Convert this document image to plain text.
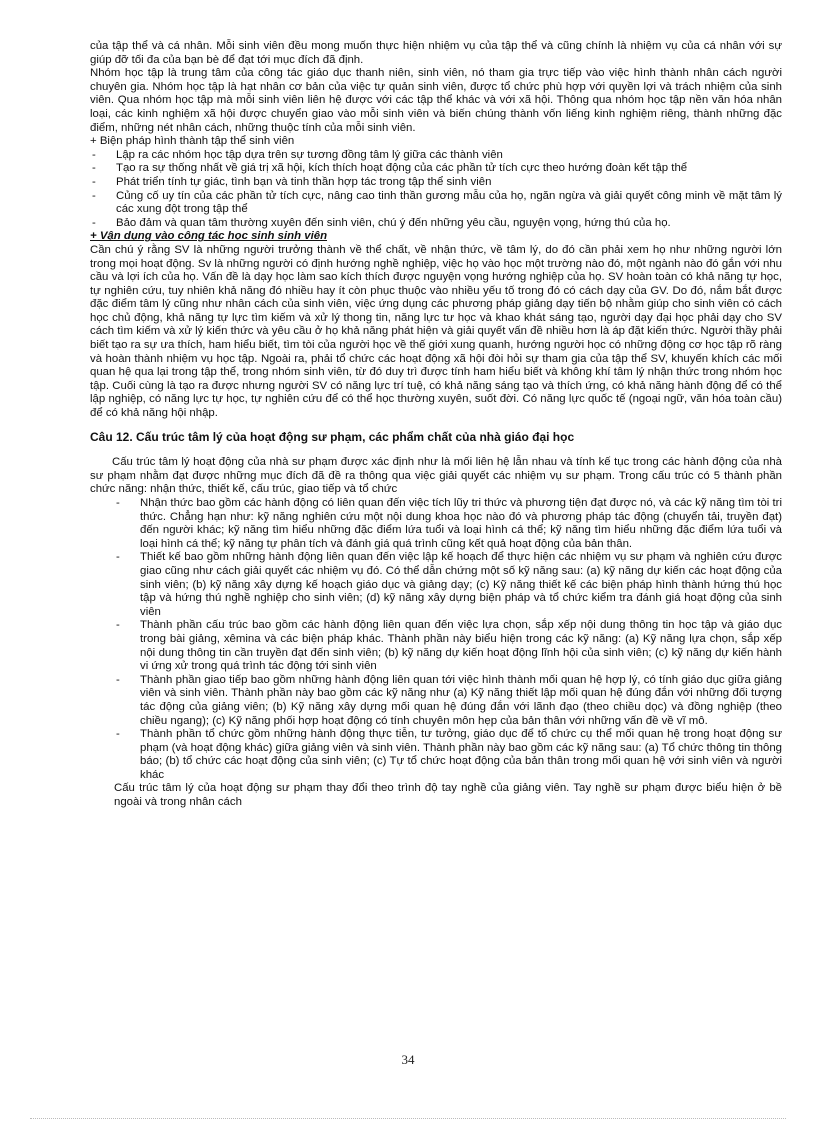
của tập thể và cá nhân. Mỗi sinh viên đều mong muốn thực hiện nhiệm vụ của tập thể và cũng chính là nhiệm vụ của cá nhân với sự giúp đỡ tối đa của bạn bè để đạt tới mục đích đã định.

Nhóm học tập là trung tâm của công tác giáo dục thanh niên, sinh viên, nó tham gia trực tiếp vào việc hình thành nhân cách người chuyên gia. Nhóm học tập là hạt nhân cơ bản của việc tự quản sinh viên, được tổ chức phù hợp với quyền lợi và trách nhiệm của sinh viên. Qua nhóm học tập mà mỗi sinh viên liên hệ được với các tập thể khác và với xã hội. Thông qua nhóm học tập nền văn hóa nhân loại, các kinh nghiệm xã hội được chuyển giao vào mỗi sinh viên và biến chúng thành vốn liếng kinh nghiệm riêng, thành những đặc điểm, những nét nhân cách, những thuộc tính của mỗi sinh viên.

+ Biện pháp hình thành tập thể sinh viên

- Lập ra các nhóm học tập dựa trên sự tương đồng tâm lý giữa các thành viên
- Tạo ra sự thống nhất về giá trị xã hội, kích thích hoạt động của các phần tử tích cực theo hướng đoàn kết tập thể
- Phát triển tính tự giác, tình bạn và tinh thần hợp tác trong tập thể sinh viên
- Củng cố uy tín của các phần tử tích cực, nâng cao tinh thần gương mẫu của họ, ngăn ngừa và giải quyết công minh về mặt tâm lý các xung đột trong tập thể
- Bảo đảm và quan tâm thường xuyên đến sinh viên, chú ý đến những yêu cầu, nguyện vọng, hứng thú của họ.

+ Vận dụng vào công tác học sinh sinh viên

Cần chú ý rằng SV là những người trưởng thành về thể chất, về nhận thức, về tâm lý, do đó cần phải xem họ như những người lớn trong mọi hoạt động. Sv là những người có định hướng nghề nghiệp, việc họ vào học một trường nào đó, một ngành nào đó gắn với nhu cầu và lợi ích của họ. Vấn đề là dạy học làm sao kích thích được nguyện vọng hướng nghiệp của họ. SV hoàn toàn có khả năng tự học, tự nghiên cứu, tuy nhiên khả năng đó nhiều hay ít còn phục thuộc vào nhiều yếu tố trong đó có cách dạy của GV. Do đó, nắm bắt được đặc điểm tâm lý cũng như nhân cách của sinh viên, việc ứng dụng các phương pháp giảng dạy tiến bộ nhằm giúp cho sinh viên có cách học chủ động, khả năng tự lực tìm kiếm và xử lý thong tin, năng lực tư học và khao khát sáng tạo, người dạy đại học phải dạy cho SV cách tìm kiếm và xử lý kiến thức và yêu cầu ở họ khả năng phát hiện và giải quyết vấn đề nhiều hơn là áp đặt kiến thức. Người thầy phải biết tạo ra sự ưa thích, ham hiểu biết, tìm tòi của người học về thế giới xung quanh, hướng người học có những động cơ học tập rõ ràng và hoàn thành nhiệm vụ học tập. Ngoài ra, phải tổ chức các hoạt động xã hội đòi hỏi sự tham gia của tập thể SV, khuyến khích các mối quan hệ qua lại trong tập thể, trong nhóm sinh viên, từ đó duy trì được tính ham hiểu biết và không khí tâm lý nhận thức trong nhóm học tập. Cuối cùng là tạo ra được nhưng người SV có năng lực trí tuệ, có khả năng sáng tạo và thích ứng, có khả năng hành động để có thể lập nghiệp, có năng lực tự học, tự nghiên cứu để có thể học thường xuyên, suốt đời. Có năng lực quốc tế (ngoại ngữ, văn hóa toàn cầu) để có khả năng hội nhập.

Câu 12. Cấu trúc tâm lý của hoạt động sư phạm, các phẩm chất của nhà giáo đại học

Cấu trúc tâm lý hoạt động của nhà sư phạm được xác định như là mối liên hệ lẫn nhau và tính kế tục trong các hành động của nhà sư phạm nhằm đạt được những mục đích đã đề ra thông qua việc giải quyết các nhiệm vụ sư phạm. Trong cấu trúc có 5 thành phần chức năng: nhận thức, thiết kế, cấu trúc, giao tiếp và tổ chức

- Nhận thức bao gồm các hành động có liên quan đến việc tích lũy tri thức và phương tiện đạt được nó, và các kỹ năng tìm tòi tri thức. Chẳng hạn như: kỹ năng nghiên cứu một nội dung khoa học nào đó và phương pháp tác động (chuyển tải, truyền đạt) đến người khác; kỹ năng tìm hiểu những đặc điểm lứa tuổi và loại hình cá thể; kỹ năng tìm hiểu những đặc điểm lứa tuổi và loại hình cá thể; kỹ năng tự phân tích và đánh giá quá trình cũng kết quả hoạt động của bản thân.
- Thiết kế bao gồm những hành động liên quan đến việc lập kế hoạch để thực hiện các nhiệm vụ sư phạm và nghiên cứu được giao cũng như cách giải quyết các nhiệm vụ đó. Có thể dẫn chứng một số kỹ năng sau: (a) kỹ năng dự kiến các hoạt động của sinh viên; (b) kỹ năng xây dựng kế hoạch giáo dục và giảng dạy; (c) Kỹ năng thiết kế các biện pháp hình thành hứng thú học tập và hứng thú nghề nghiệp cho sinh viên; (d) kỹ năng xây dựng biện pháp và tổ chức kiểm tra đánh giá hoạt động của sinh viên
- Thành phần cấu trúc bao gồm các hành động liên quan đến việc lựa chọn, sắp xếp nội dung thông tin học tập và giáo dục trong bài giảng, xêmina và các biện pháp khác. Thành phần này biểu hiện trong các kỹ năng: (a) Kỹ năng lựa chọn, sắp xếp nội dung thông tin cần truyền đạt đến sinh viên; (b) kỹ năng dự kiến hoạt động lĩnh hội của sinh viên; (c) kỹ năng dự kiến hành vi ứng xử trong quá trình tác động tới sinh viên
- Thành phần giao tiếp bao gồm những hành động liên quan tới việc hình thành mối quan hệ hợp lý, có tính giáo dục giữa giảng viên và sinh viên. Thành phần này bao gồm các kỹ năng như (a) Kỹ năng thiết lập mối quan hệ đúng đắn với những đối tượng tác động của giảng viên; (b) Kỹ năng xây dựng mối quan hệ đúng đắn với lãnh đạo (theo chiều dọc) và đồng nghiệp (theo chiều ngang); (c) Kỹ năng phối hợp hoạt động có tính chuyên môn hẹp của bản thân với những vấn đề về vĩ mô.
- Thành phần tổ chức gồm những hành động thực tiễn, tư tưởng, giáo dục để tổ chức cụ thể mối quan hệ trong hoạt động sư phạm (và hoạt động khác) giữa giảng viên và sinh viên. Thành phần này bao gồm các kỹ năng sau: (a) Tổ chức thông tin thông báo; (b) tổ chức các hoạt động của sinh viên; (c) Tự tổ chức hoạt động của bản thân trong mối quan hệ với sinh viên và người khác

Cấu trúc tâm lý của hoạt động sư phạm thay đổi theo trình độ tay nghề của giảng viên. Tay nghề sư phạm được biểu hiện ở bề ngoài và trong nhân cách

34
